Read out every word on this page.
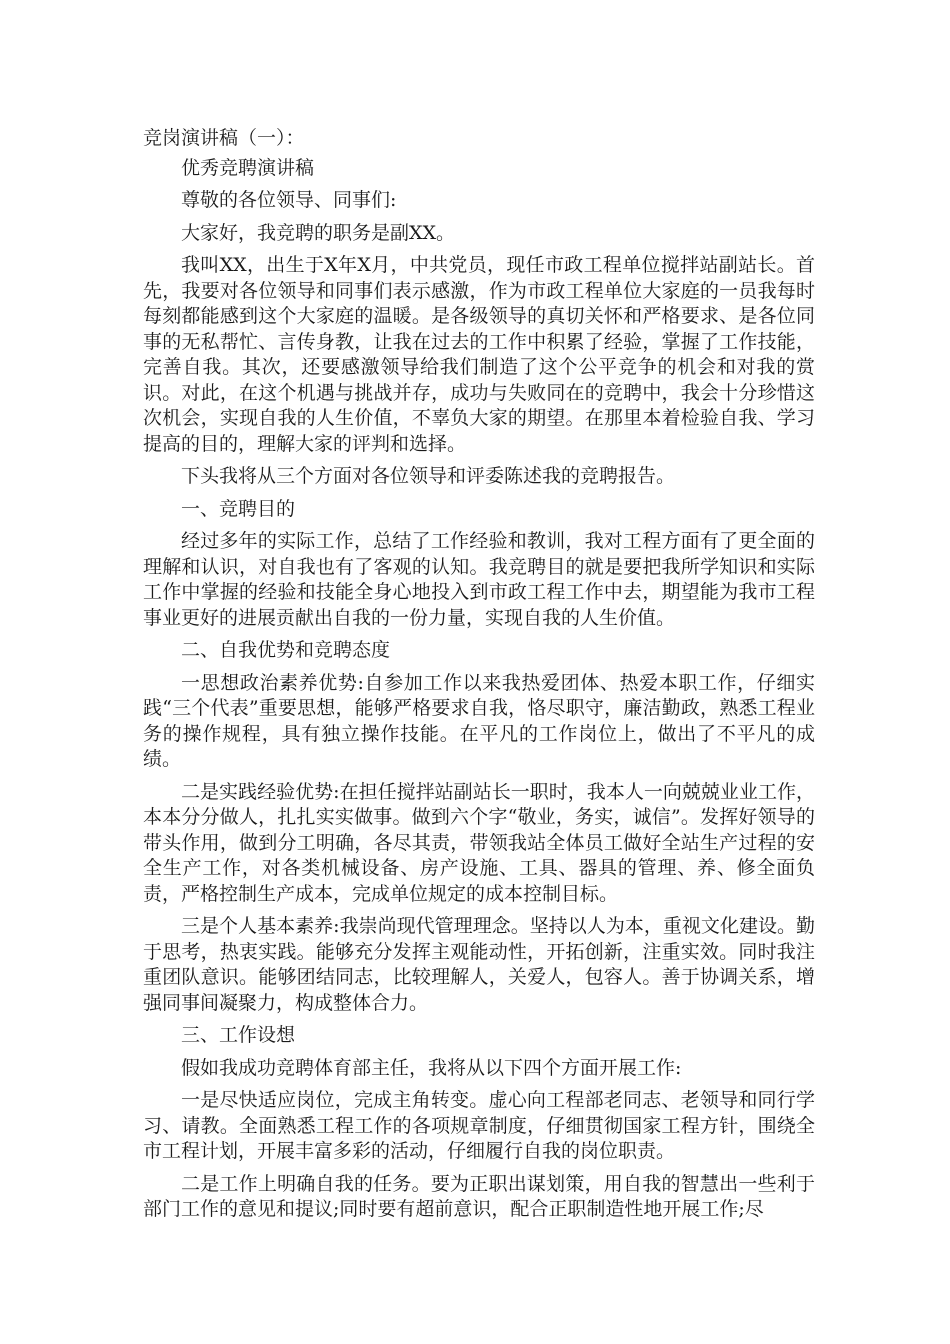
竞岗演讲稿（一）：

优秀竞聘演讲稿

尊敬的各位领导、同事们:

大家好，我竞聘的职务是副XX。

我叫XX，出生于X年X月，中共党员，现任市政工程单位搅拌站副站长。首先，我要对各位领导和同事们表示感激，作为市政工程单位大家庭的一员我每时每刻都能感到这个大家庭的温暖。是各级领导的真切关怀和严格要求、是各位同事的无私帮忙、言传身教，让我在过去的工作中积累了经验，掌握了工作技能，完善自我。其次，还要感激领导给我们制造了这个公平竞争的机会和对我的赏识。对此，在这个机遇与挑战并存，成功与失败同在的竞聘中，我会十分珍惜这次机会，实现自我的人生价值，不辜负大家的期望。在那里本着检验自我、学习提高的目的，理解大家的评判和选择。

下头我将从三个方面对各位领导和评委陈述我的竞聘报告。

一、竞聘目的

经过多年的实际工作，总结了工作经验和教训，我对工程方面有了更全面的理解和认识，对自我也有了客观的认知。我竞聘目的就是要把我所学知识和实际工作中掌握的经验和技能全身心地投入到市政工程工作中去，期望能为我市工程事业更好的进展贡献出自我的一份力量，实现自我的人生价值。

二、自我优势和竞聘态度

一思想政治素养优势:自参加工作以来我热爱团体、热爱本职工作，仔细实践“三个代表”重要思想，能够严格要求自我，恪尽职守，廉洁勤政，熟悉工程业务的操作规程，具有独立操作技能。在平凡的工作岗位上，做出了不平凡的成绩。

二是实践经验优势:在担任搅拌站副站长一职时，我本人一向兢兢业业工作，本本分分做人，扎扎实实做事。做到六个字“敬业，务实，诚信”。发挥好领导的带头作用，做到分工明确，各尽其责，带领我站全体员工做好全站生产过程的安全生产工作，对各类机械设备、房产设施、工具、器具的管理、养、修全面负责，严格控制生产成本，完成单位规定的成本控制目标。

三是个人基本素养:我崇尚现代管理理念。坚持以人为本，重视文化建设。勤于思考，热衷实践。能够充分发挥主观能动性，开拓创新，注重实效。同时我注重团队意识。能够团结同志，比较理解人，关爱人，包容人。善于协调关系，增强同事间凝聚力，构成整体合力。

三、工作设想

假如我成功竞聘体育部主任，我将从以下四个方面开展工作:

一是尽快适应岗位，完成主角转变。虚心向工程部老同志、老领导和同行学习、请教。全面熟悉工程工作的各项规章制度，仔细贯彻国家工程方针，围绕全市工程计划，开展丰富多彩的活动，仔细履行自我的岗位职责。

二是工作上明确自我的任务。要为正职出谋划策，用自我的智慧出一些利于部门工作的意见和提议;同时要有超前意识，配合正职制造性地开展工作;尽
